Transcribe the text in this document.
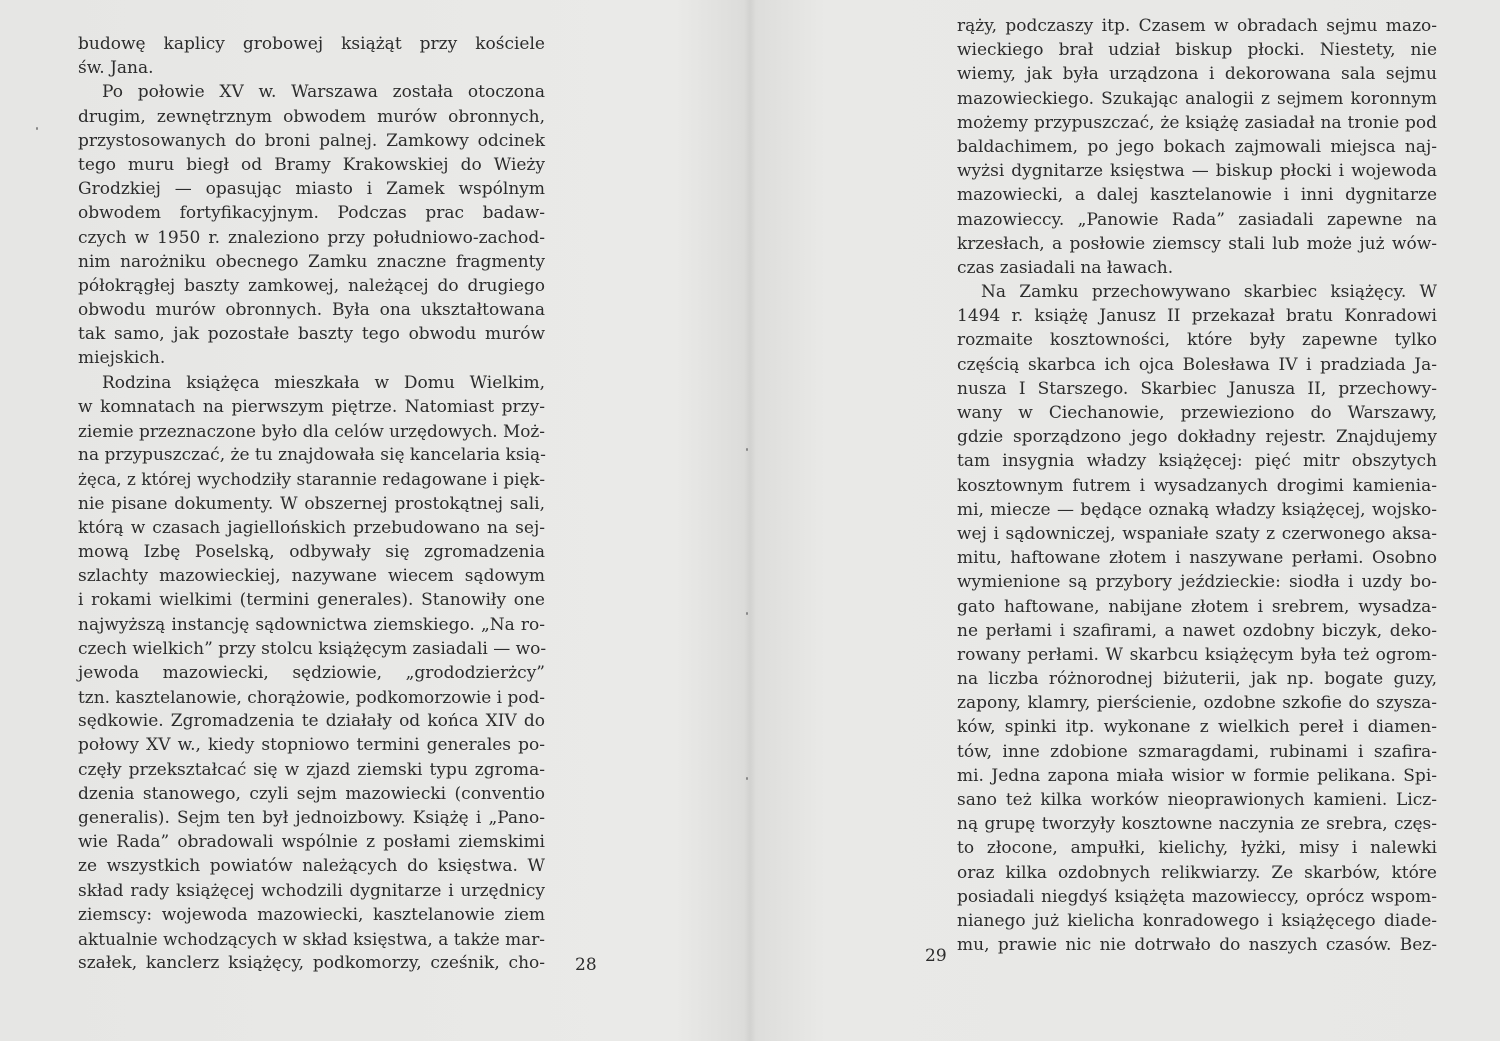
budowę kaplicy grobowej książąt przy kościele
św. Jana.
Po połowie XV w. Warszawa została otoczona
drugim, zewnętrznym obwodem murów obronnych,
przystosowanych do broni palnej. Zamkowy odcinek
tego muru biegł od Bramy Krakowskiej do Wieży
Grodzkiej — opasując miasto i Zamek wspólnym
obwodem fortyfikacyjnym. Podczas prac badaw-
czych w 1950 r. znaleziono przy południowo-zachod-
nim narożniku obecnego Zamku znaczne fragmenty
półokrągłej baszty zamkowej, należącej do drugiego
obwodu murów obronnych. Była ona ukształtowana
tak samo, jak pozostałe baszty tego obwodu murów
miejskich.
Rodzina książęca mieszkała w Domu Wielkim,
w komnatach na pierwszym piętrze. Natomiast przy-
ziemie przeznaczone było dla celów urzędowych. Moż-
na przypuszczać, że tu znajdowała się kancelaria ksią-
żęca, z której wychodziły starannie redagowane i pięk-
nie pisane dokumenty. W obszernej prostokątnej sali,
którą w czasach jagiellońskich przebudowano na sej-
mową Izbę Poselską, odbywały się zgromadzenia
szlachty mazowieckiej, nazywane wiecem sądowym
i rokami wielkimi (termini generales). Stanowiły one
najwyższą instancję sądownictwa ziemskiego. „Na ro-
czech wielkich” przy stolcu książęcym zasiadali — wo-
jewoda mazowiecki, sędziowie, „grododzierżcy”
tzn. kasztelanowie, chorążowie, podkomorzowie i pod-
sędkowie. Zgromadzenia te działały od końca XIV do
połowy XV w., kiedy stopniowo termini generales po-
częły przekształcać się w zjazd ziemski typu zgroma-
dzenia stanowego, czyli sejm mazowiecki (conventio
generalis). Sejm ten był jednoizbowy. Książę i „Pano-
wie Rada” obradowali wspólnie z posłami ziemskimi
ze wszystkich powiatów należących do księstwa. W
skład rady książęcej wchodzili dygnitarze i urzędnicy
ziemscy: wojewoda mazowiecki, kasztelanowie ziem
aktualnie wchodzących w skład księstwa, a także mar-
szałek, kanclerz książęcy, podkomorzy, cześnik, cho- 28
rąży, podczaszy itp. Czasem w obradach sejmu mazo-
wieckiego brał udział biskup płocki. Niestety, nie
wiemy, jak była urządzona i dekorowana sala sejmu
mazowieckiego. Szukając analogii z sejmem koronnym
możemy przypuszczać, że książę zasiadał na tronie pod
baldachimem, po jego bokach zajmowali miejsca naj-
wyżsi dygnitarze księstwa — biskup płocki i wojewoda
mazowiecki, a dalej kasztelanowie i inni dygnitarze
mazowieccy. „Panowie Rada” zasiadali zapewne na
krzesłach, a posłowie ziemscy stali lub może już wów-
czas zasiadali na ławach.
Na Zamku przechowywano skarbiec książęcy. W
1494 r. książę Janusz II przekazał bratu Konradowi
rozmaite kosztowności, które były zapewne tylko
częścią skarbca ich ojca Bolesława IV i pradziada Ja-
nusza I Starszego. Skarbiec Janusza II, przechowy-
wany w Ciechanowie, przewieziono do Warszawy,
gdzie sporządzono jego dokładny rejestr. Znajdujemy
tam insygnia władzy książęcej: pięć mitr obszytych
kosztownym futrem i wysadzanych drogimi kamienia-
mi, miecze — będące oznaką władzy książęcej, wojsko-
wej i sądowniczej, wspaniałe szaty z czerwonego aksa-
mitu, haftowane złotem i naszywane perłami. Osobno
wymienione są przybory jeździeckie: siodła i uzdy bo-
gato haftowane, nabijane złotem i srebrem, wysadza-
ne perłami i szafirami, a nawet ozdobny biczyk, deko-
rowany perłami. W skarbcu książęcym była też ogrom-
na liczba różnorodnej biżuterii, jak np. bogate guzy,
zapony, klamry, pierścienie, ozdobne szkofie do szysza-
ków, spinki itp. wykonane z wielkich pereł i diamen-
tów, inne zdobione szmaragdami, rubinami i szafira-
mi. Jedna zapona miała wisior w formie pelikana. Spi-
sano też kilka worków nieoprawionych kamieni. Licz-
ną grupę tworzyły kosztowne naczynia ze srebra, częs-
to złocone, ampułki, kielichy, łyżki, misy i nalewki
oraz kilka ozdobnych relikwiarzy. Ze skarbów, które
posiadali niegdyś książęta mazowieccy, oprócz wspom-
nianego już kielicha konradowego i książęcego diade-
mu, prawie nic nie dotrwało do naszych czasów. Bez-
29
